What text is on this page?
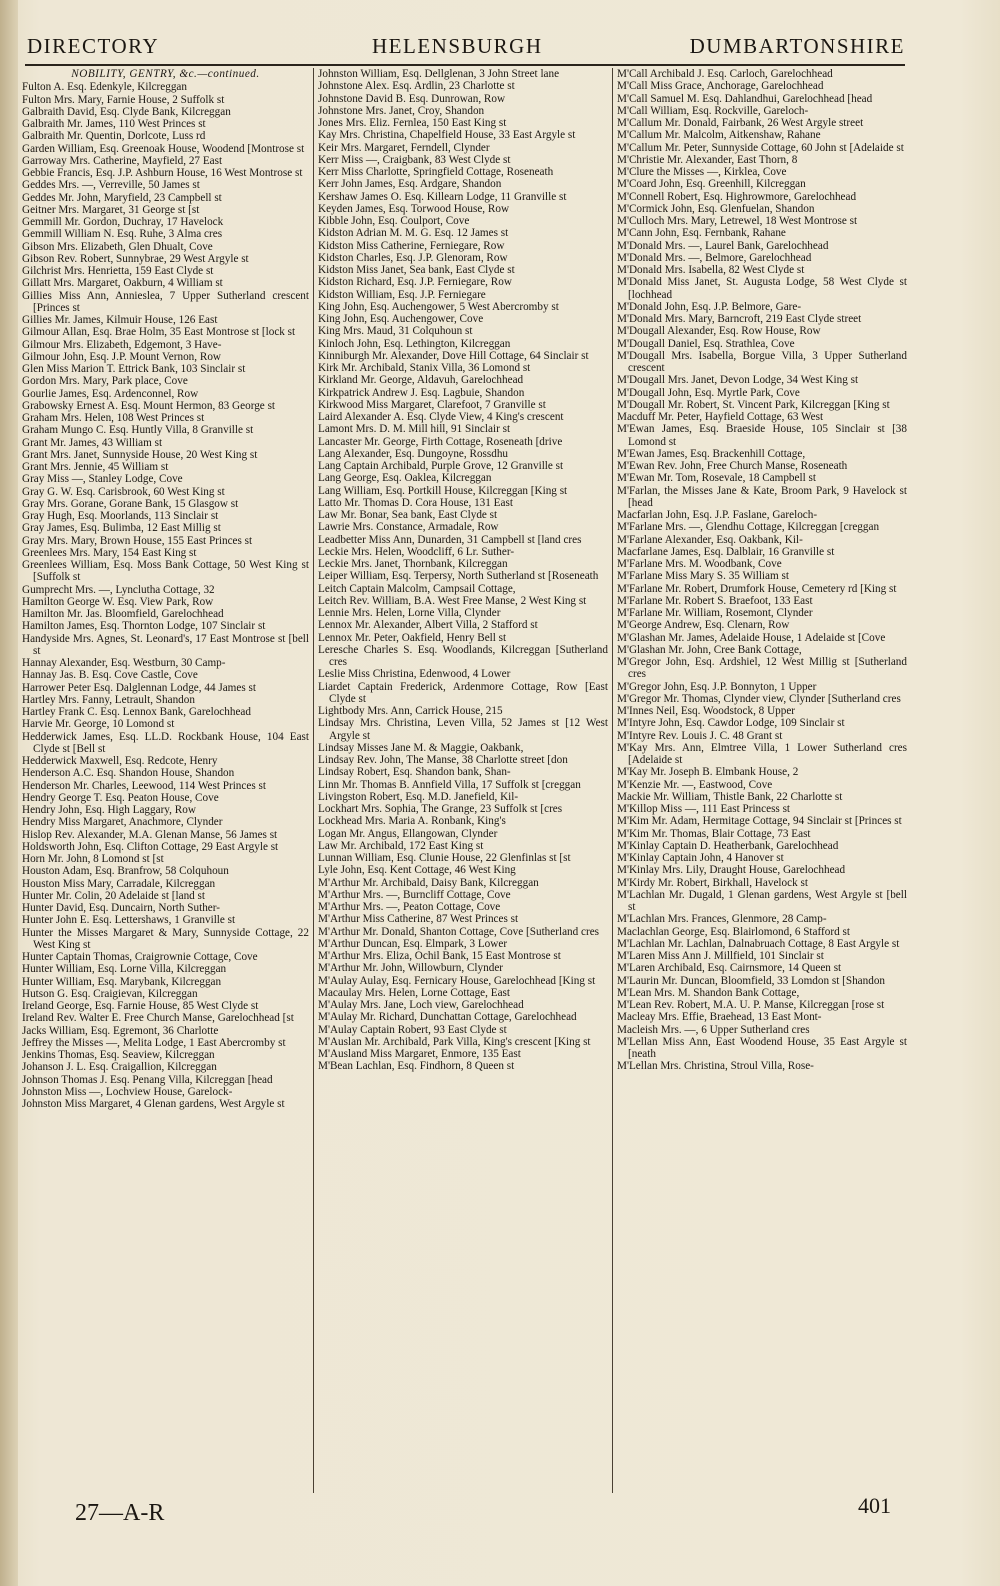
DIRECTORY	HELENSBURGH	DUMBARTONSHIRE
NOBILITY, GENTRY, &c.—continued.

Fulton A. Esq. Edenkyle, Kilcreggan

Fulton Mrs. Mary, Farnie House, 2 Suffolk st

Galbraith David, Esq. Clyde Bank, Kilcreggan

Galbraith Mr. James, 110 West Princes st

Galbraith Mr. Quentin, Dorlcote, Luss rd

Garden William, Esq. Greenoak House, Woodend [Montrose st

Garroway Mrs. Catherine, Mayfield, 27 East

Gebbie Francis, Esq. J.P. Ashburn House, 16 West Montrose st

Geddes Mrs. —, Verreville, 50 James st

Geddes Mr. John, Maryfield, 23 Campbell st

Geitner Mrs. Margaret, 31 George st [st

Gemmill Mr. Gordon, Duchray, 17 Havelock

Gemmill William N. Esq. Ruhe, 3 Alma cres

Gibson Mrs. Elizabeth, Glen Dhualt, Cove

Gibson Rev. Robert, Sunnybrae, 29 West Argyle st

Gilchrist Mrs. Henrietta, 159 East Clyde st

Gillatt Mrs. Margaret, Oakburn, 4 William st

Gillies Miss Ann, Annieslea, 7 Upper Sutherland crescent [Princes st

Gillies Mr. James, Kilmuir House, 126 East

Gilmour Allan, Esq. Brae Holm, 35 East Montrose st [lock st

Gilmour Mrs. Elizabeth, Edgemont, 3 Have-

Gilmour John, Esq. J.P. Mount Vernon, Row

Glen Miss Marion T. Ettrick Bank, 103 Sinclair st

Gordon Mrs. Mary, Park place, Cove

Gourlie James, Esq. Ardenconnel, Row

Grabowsky Ernest A. Esq. Mount Hermon, 83 George st

Graham Mrs. Helen, 108 West Princes st

Graham Mungo C. Esq. Huntly Villa, 8 Granville st

Grant Mr. James, 43 William st

Grant Mrs. Janet, Sunnyside House, 20 West King st

Grant Mrs. Jennie, 45 William st

Gray Miss —, Stanley Lodge, Cove

Gray G. W. Esq. Carisbrook, 60 West King st

Gray Mrs. Gorane, Gorane Bank, 15 Glasgow st

Gray Hugh, Esq. Moorlands, 113 Sinclair st

Gray James, Esq. Bulimba, 12 East Millig st

Gray Mrs. Mary, Brown House, 155 East Princes st

Greenlees Mrs. Mary, 154 East King st

Greenlees William, Esq. Moss Bank Cottage, 50 West King st [Suffolk st

Gumprecht Mrs. —, Lynclutha Cottage, 32

Hamilton George W. Esq. View Park, Row

Hamilton Mr. Jas. Bloomfield, Garelochhead

Hamilton James, Esq. Thornton Lodge, 107 Sinclair st

Handyside Mrs. Agnes, St. Leonard's, 17 East Montrose st [bell st

Hannay Alexander, Esq. Westburn, 30 Camp-

Hannay Jas. B. Esq. Cove Castle, Cove

Harrower Peter Esq. Dalglennan Lodge, 44 James st

Hartley Mrs. Fanny, Letrault, Shandon

Hartley Frank C. Esq. Lennox Bank, Garelochhead

Harvie Mr. George, 10 Lomond st

Hedderwick James, Esq. LL.D. Rockbank House, 104 East Clyde st [Bell st

Hedderwick Maxwell, Esq. Redcote, Henry

Henderson A.C. Esq. Shandon House, Shandon

Henderson Mr. Charles, Leewood, 114 West Princes st

Hendry George T. Esq. Peaton House, Cove

Hendry John, Esq. High Laggary, Row

Hendry Miss Margaret, Anachmore, Clynder

Hislop Rev. Alexander, M.A. Glenan Manse, 56 James st

Holdsworth John, Esq. Clifton Cottage, 29 East Argyle st

Horn Mr. John, 8 Lomond st [st

Houston Adam, Esq. Branfrow, 58 Colquhoun

Houston Miss Mary, Carradale, Kilcreggan

Hunter Mr. Colin, 20 Adelaide st [land st

Hunter David, Esq. Duncairn, North Suther-

Hunter John E. Esq. Lettershaws, 1 Granville st

Hunter the Misses Margaret & Mary, Sunnyside Cottage, 22 West King st

Hunter Captain Thomas, Craigrownie Cottage, Cove

Hunter William, Esq. Lorne Villa, Kilcreggan

Hunter William, Esq. Marybank, Kilcreggan

Hutson G. Esq. Craigievan, Kilcreggan

Ireland George, Esq. Farnie House, 85 West Clyde st

Ireland Rev. Walter E. Free Church Manse, Garelochhead [st

Jacks William, Esq. Egremont, 36 Charlotte

Jeffrey the Misses —, Melita Lodge, 1 East Abercromby st

Jenkins Thomas, Esq. Seaview, Kilcreggan

Johanson J. L. Esq. Craigallion, Kilcreggan

Johnson Thomas J. Esq. Penang Villa, Kilcreggan [head

Johnston Miss —, Lochview House, Garelock-

Johnston Miss Margaret, 4 Glenan gardens, West Argyle st

Johnston William, Esq. Dellglenan, 3 John Street lane

Johnstone Alex. Esq. Ardlin, 23 Charlotte st

Johnstone David B. Esq. Dunrowan, Row

Johnstone Mrs. Janet, Croy, Shandon

Jones Mrs. Eliz. Fernlea, 150 East King st

Kay Mrs. Christina, Chapelfield House, 33 East Argyle st

Keir Mrs. Margaret, Ferndell, Clynder

Kerr Miss —, Craigbank, 83 West Clyde st

Kerr Miss Charlotte, Springfield Cottage, Roseneath

Kerr John James, Esq. Ardgare, Shandon

Kershaw James O. Esq. Killearn Lodge, 11 Granville st

Keyden James, Esq. Torwood House, Row

Kibble John, Esq. Coulport, Cove

Kidston Adrian M. M. G. Esq. 12 James st

Kidston Miss Catherine, Ferniegare, Row

Kidston Charles, Esq. J.P. Glenoram, Row

Kidston Miss Janet, Sea bank, East Clyde st

Kidston Richard, Esq. J.P. Ferniegare, Row

Kidston William, Esq. J.P. Ferniegare

King John, Esq. Auchengower, 5 West Abercromby st

King John, Esq. Auchengower, Cove

King Mrs. Maud, 31 Colquhoun st

Kinloch John, Esq. Lethington, Kilcreggan

Kinniburgh Mr. Alexander, Dove Hill Cottage, 64 Sinclair st

Kirk Mr. Archibald, Stanix Villa, 36 Lomond st

Kirkland Mr. George, Aldavuh, Garelochhead

Kirkpatrick Andrew J. Esq. Lagbuie, Shandon

Kirkwood Miss Margaret, Clarefoot, 7 Granville st

Laird Alexander A. Esq. Clyde View, 4 King's crescent

Lamont Mrs. D. M. Mill hill, 91 Sinclair st

Lancaster Mr. George, Firth Cottage, Roseneath [drive

Lang Alexander, Esq. Dungoyne, Rossdhu

Lang Captain Archibald, Purple Grove, 12 Granville st

Lang George, Esq. Oaklea, Kilcreggan

Lang William, Esq. Portkill House, Kilcreggan [King st

Latto Mr. Thomas D. Cora House, 131 East

Law Mr. Bonar, Sea bank, East Clyde st

Lawrie Mrs. Constance, Armadale, Row

Leadbetter Miss Ann, Dunarden, 31 Campbell st [land cres

Leckie Mrs. Helen, Woodcliff, 6 Lr. Suther-

Leckie Mrs. Janet, Thornbank, Kilcreggan

Leiper William, Esq. Terpersy, North Sutherland st [Roseneath

Leitch Captain Malcolm, Campsail Cottage,

Leitch Rev. William, B.A. West Free Manse, 2 West King st

Lennie Mrs. Helen, Lorne Villa, Clynder

Lennox Mr. Alexander, Albert Villa, 2 Stafford st

Lennox Mr. Peter, Oakfield, Henry Bell st

Leresche Charles S. Esq. Woodlands, Kilcreggan [Sutherland cres

Leslie Miss Christina, Edenwood, 4 Lower

Liardet Captain Frederick, Ardenmore Cottage, Row [East Clyde st

Lightbody Mrs. Ann, Carrick House, 215

Lindsay Mrs. Christina, Leven Villa, 52 James st [12 West Argyle st

Lindsay Misses Jane M. & Maggie, Oakbank,

Lindsay Rev. John, The Manse, 38 Charlotte street [don

Lindsay Robert, Esq. Shandon bank, Shan-

Linn Mr. Thomas B. Annfield Villa, 17 Suffolk st [creggan

Livingston Robert, Esq. M.D. Janefield, Kil-

Lockhart Mrs. Sophia, The Grange, 23 Suffolk st [cres

Lockhead Mrs. Maria A. Ronbank, King's

Logan Mr. Angus, Ellangowan, Clynder

Law Mr. Archibald, 172 East King st

Lunnan William, Esq. Clunie House, 22 Glenfinlas st [st

Lyle John, Esq. Kent Cottage, 46 West King

M'Arthur Mr. Archibald, Daisy Bank, Kilcreggan

M'Arthur Mrs. —, Burncliff Cottage, Cove

M'Arthur Mrs. —, Peaton Cottage, Cove

M'Arthur Miss Catherine, 87 West Princes st

M'Arthur Mr. Donald, Shanton Cottage, Cove [Sutherland cres

M'Arthur Duncan, Esq. Elmpark, 3 Lower

M'Arthur Mrs. Eliza, Ochil Bank, 15 East Montrose st

M'Arthur Mr. John, Willowburn, Clynder

M'Aulay Aulay, Esq. Fernicary House, Garelochhead [King st

Macaulay Mrs. Helen, Lorne Cottage, East

M'Aulay Mrs. Jane, Loch view, Garelochhead

M'Aulay Mr. Richard, Dunchattan Cottage, Garelochhead

M'Aulay Captain Robert, 93 East Clyde st

M'Auslan Mr. Archibald, Park Villa, King's crescent [King st

M'Ausland Miss Margaret, Enmore, 135 East

M'Bean Lachlan, Esq. Findhorn, 8 Queen st

M'Call Archibald J. Esq. Carloch, Garelochhead

M'Call Miss Grace, Anchorage, Garelochhead

M'Call Samuel M. Esq. Dahlandhui, Garelochhead [head

M'Call William, Esq. Rockville, Gareloch-

M'Callum Mr. Donald, Fairbank, 26 West Argyle street

M'Callum Mr. Malcolm, Aitkenshaw, Rahane

M'Callum Mr. Peter, Sunnyside Cottage, 60 John st [Adelaide st

M'Christie Mr. Alexander, East Thorn, 8

M'Clure the Misses —, Kirklea, Cove

M'Coard John, Esq. Greenhill, Kilcreggan

M'Connell Robert, Esq. Highrowmore, Garelochhead

M'Cormick John, Esq. Glenfuelan, Shandon

M'Culloch Mrs. Mary, Letrewel, 18 West Montrose st

M'Cann John, Esq. Fernbank, Rahane

M'Donald Mrs. —, Laurel Bank, Garelochhead

M'Donald Mrs. —, Belmore, Garelochhead

M'Donald Mrs. Isabella, 82 West Clyde st

M'Donald Miss Janet, St. Augusta Lodge, 58 West Clyde st [lochhead

M'Donald John, Esq. J.P. Belmore, Gare-

M'Donald Mrs. Mary, Barncroft, 219 East Clyde street

M'Dougall Alexander, Esq. Row House, Row

M'Dougall Daniel, Esq. Strathlea, Cove

M'Dougall Mrs. Isabella, Borgue Villa, 3 Upper Sutherland crescent

M'Dougall Mrs. Janet, Devon Lodge, 34 West King st

M'Dougall John, Esq. Myrtle Park, Cove

M'Dougall Mr. Robert, St. Vincent Park, Kilcreggan [King st

Macduff Mr. Peter, Hayfield Cottage, 63 West

M'Ewan James, Esq. Braeside House, 105 Sinclair st [38 Lomond st

M'Ewan James, Esq. Brackenhill Cottage,

M'Ewan Rev. John, Free Church Manse, Roseneath

M'Ewan Mr. Tom, Rosevale, 18 Campbell st

M'Farlan, the Misses Jane & Kate, Broom Park, 9 Havelock st [head

Macfarlan John, Esq. J.P. Faslane, Gareloch-

M'Farlane Mrs. —, Glendhu Cottage, Kilcreggan [creggan

M'Farlane Alexander, Esq. Oakbank, Kil-

Macfarlane James, Esq. Dalblair, 16 Granville st

M'Farlane Mrs. M. Woodbank, Cove

M'Farlane Miss Mary S. 35 William st

M'Farlane Mr. Robert, Drumfork House, Cemetery rd [King st

M'Farlane Mr. Robert S. Braefoot, 133 East

M'Farlane Mr. William, Rosemont, Clynder

M'George Andrew, Esq. Clenarn, Row

M'Glashan Mr. James, Adelaide House, 1 Adelaide st [Cove

M'Glashan Mr. John, Cree Bank Cottage,

M'Gregor John, Esq. Ardshiel, 12 West Millig st [Sutherland cres

M'Gregor John, Esq. J.P. Bonnyton, 1 Upper

M'Gregor Mr. Thomas, Clynder view, Clynder [Sutherland cres

M'Innes Neil, Esq. Woodstock, 8 Upper

M'Intyre John, Esq. Cawdor Lodge, 109 Sinclair st

M'Intyre Rev. Louis J. C. 48 Grant st

M'Kay Mrs. Ann, Elmtree Villa, 1 Lower Sutherland cres [Adelaide st

M'Kay Mr. Joseph B. Elmbank House, 2

M'Kenzie Mr. —, Eastwood, Cove

Mackie Mr. William, Thistle Bank, 22 Charlotte st

M'Killop Miss —, 111 East Princess st

M'Kim Mr. Adam, Hermitage Cottage, 94 Sinclair st [Princes st

M'Kim Mr. Thomas, Blair Cottage, 73 East

M'Kinlay Captain D. Heatherbank, Garelochhead

M'Kinlay Captain John, 4 Hanover st

M'Kinlay Mrs. Lily, Draught House, Garelochhead

M'Kirdy Mr. Robert, Birkhall, Havelock st

M'Lachlan Mr. Dugald, 1 Glenan gardens, West Argyle st [bell st

M'Lachlan Mrs. Frances, Glenmore, 28 Camp-

Maclachlan George, Esq. Blairlomond, 6 Stafford st

M'Lachlan Mr. Lachlan, Dalnabruach Cottage, 8 East Argyle st

M'Laren Miss Ann J. Millfield, 101 Sinclair st

M'Laren Archibald, Esq. Cairnsmore, 14 Queen st

M'Laurin Mr. Duncan, Bloomfield, 33 Lomdon st [Shandon

M'Lean Mrs. M. Shandon Bank Cottage,

M'Lean Rev. Robert, M.A. U. P. Manse, Kilcreggan [rose st

Macleay Mrs. Effie, Braehead, 13 East Mont-

Macleish Mrs. —, 6 Upper Sutherland cres

M'Lellan Miss Ann, East Woodend House, 35 East Argyle st [neath

M'Lellan Mrs. Christina, Stroul Villa, Rose-

27—A-R	401
